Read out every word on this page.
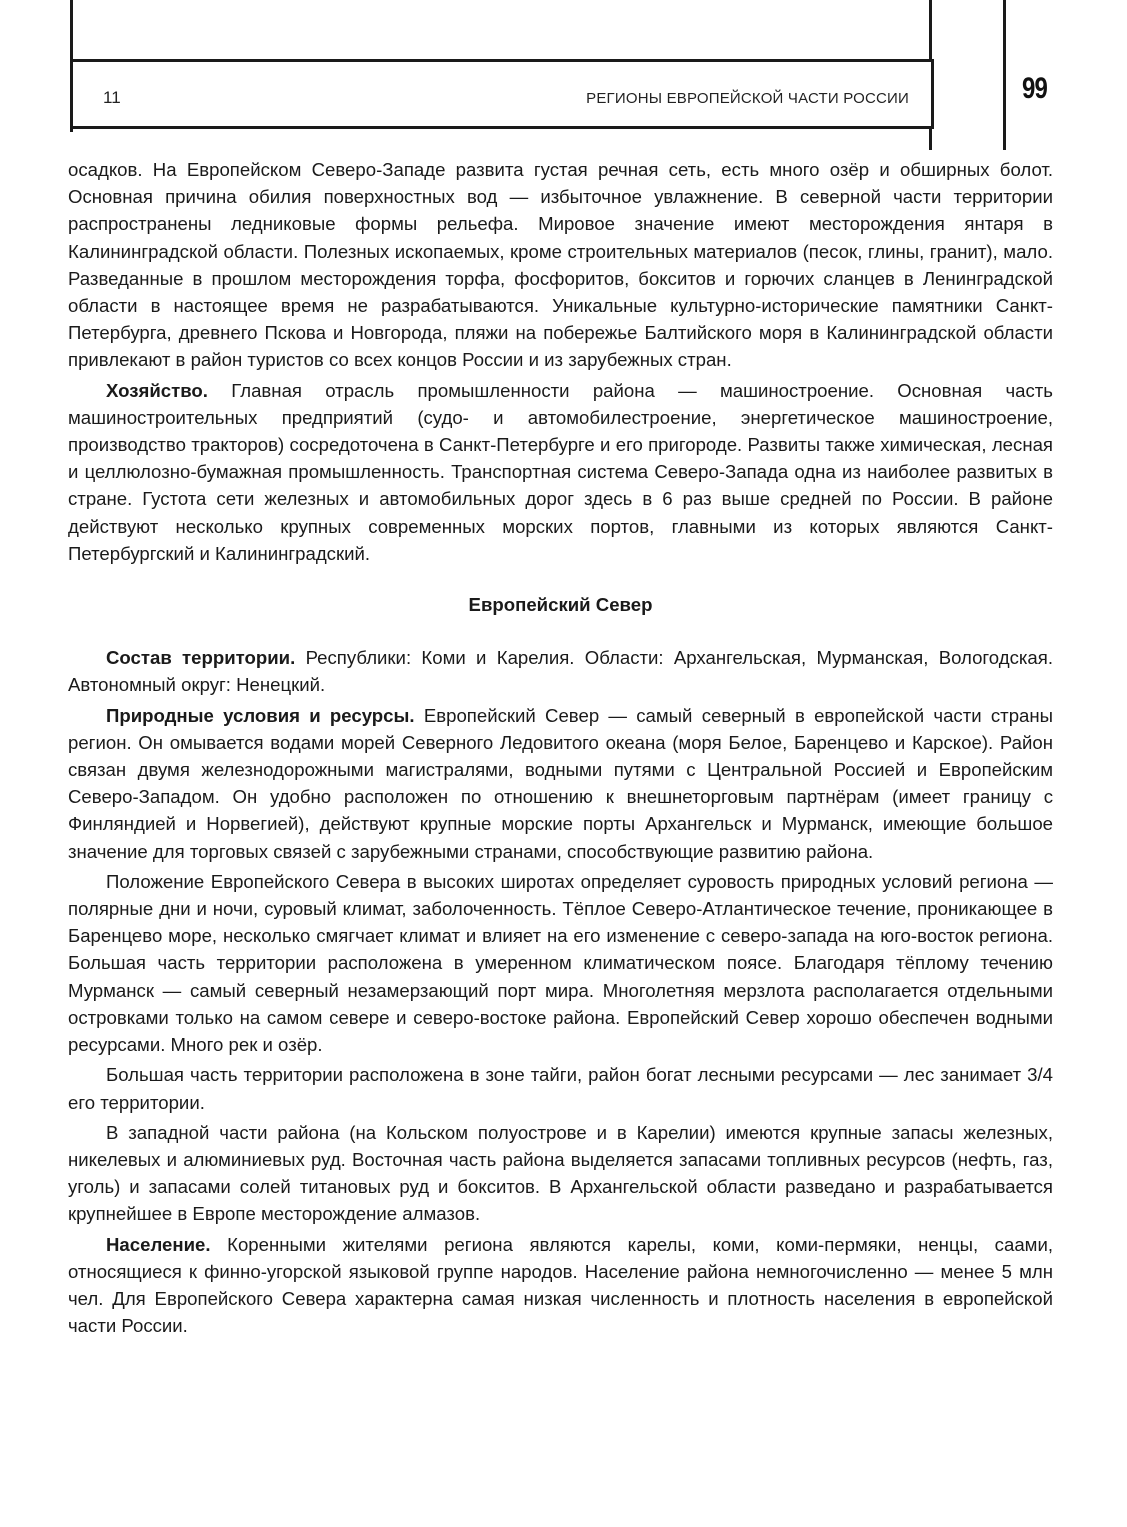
11	РЕГИОНЫ ЕВРОПЕЙСКОЙ ЧАСТИ РОССИИ	99

осадков. На Европейском Северо-Западе развита густая речная сеть, есть много озёр и обширных болот. Основная причина обилия поверхностных вод — избыточное увлажнение. В северной части территории распространены ледниковые формы рельефа. Мировое значение имеют месторождения янтаря в Калининградской области. Полезных ископаемых, кроме строительных материалов (песок, глины, гранит), мало. Разведанные в прошлом месторождения торфа, фосфоритов, бокситов и горючих сланцев в Ленинградской области в настоящее время не разрабатываются. Уникальные культурно-исторические памятники Санкт-Петербурга, древнего Пскова и Новгорода, пляжи на побережье Балтийского моря в Калининградской области привлекают в район туристов со всех концов России и из зарубежных стран.

Хозяйство. Главная отрасль промышленности района — машиностроение. Основная часть машиностроительных предприятий (судо- и автомобилестроение, энергетическое машиностроение, производство тракторов) сосредоточена в Санкт-Петербурге и его пригороде. Развиты также химическая, лесная и целлюлозно-бумажная промышленность. Транспортная система Северо-Запада одна из наиболее развитых в стране. Густота сети железных и автомобильных дорог здесь в 6 раз выше средней по России. В районе действуют несколько крупных современных морских портов, главными из которых являются Санкт-Петербургский и Калининградский.

Европейский Север

Состав территории. Республики: Коми и Карелия. Области: Архангельская, Мурманская, Вологодская. Автономный округ: Ненецкий.

Природные условия и ресурсы. Европейский Север — самый северный в европейской части страны регион. Он омывается водами морей Северного Ледовитого океана (моря Белое, Баренцево и Карское). Район связан двумя железнодорожными магистралями, водными путями с Центральной Россией и Европейским Северо-Западом. Он удобно расположен по отношению к внешнеторговым партнёрам (имеет границу с Финляндией и Норвегией), действуют крупные морские порты Архангельск и Мурманск, имеющие большое значение для торговых связей с зарубежными странами, способствующие развитию района.

Положение Европейского Севера в высоких широтах определяет суровость природных условий региона — полярные дни и ночи, суровый климат, заболоченность. Тёплое Северо-Атлантическое течение, проникающее в Баренцево море, несколько смягчает климат и влияет на его изменение с северо-запада на юго-восток региона. Большая часть территории расположена в умеренном климатическом поясе. Благодаря тёплому течению Мурманск — самый северный незамерзающий порт мира. Многолетняя мерзлота располагается отдельными островками только на самом севере и северо-востоке района. Европейский Север хорошо обеспечен водными ресурсами. Много рек и озёр.

Большая часть территории расположена в зоне тайги, район богат лесными ресурсами — лес занимает 3/4 его территории.

В западной части района (на Кольском полуострове и в Карелии) имеются крупные запасы железных, никелевых и алюминиевых руд. Восточная часть района выделяется запасами топливных ресурсов (нефть, газ, уголь) и запасами солей титановых руд и бокситов. В Архангельской области разведано и разрабатывается крупнейшее в Европе месторождение алмазов.

Население. Коренными жителями региона являются карелы, коми, коми-пермяки, ненцы, саами, относящиеся к финно-угорской языковой группе народов. Население района немногочисленно — менее 5 млн чел. Для Европейского Севера характерна самая низкая численность и плотность населения в европейской части России.
